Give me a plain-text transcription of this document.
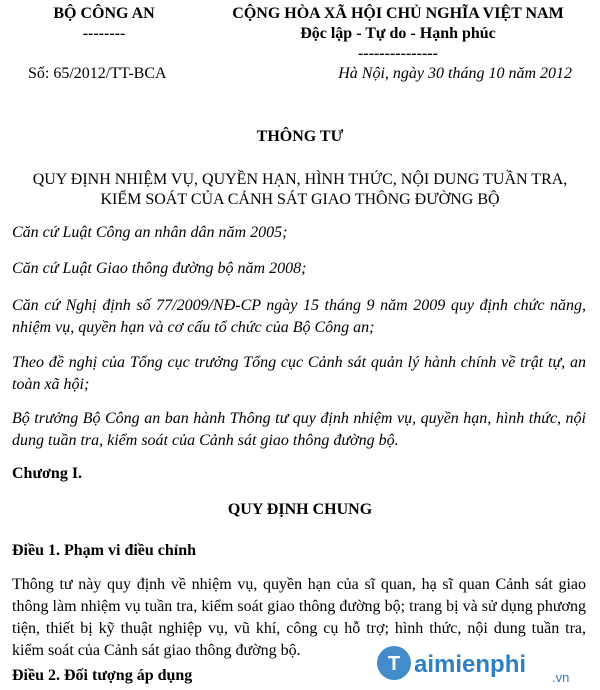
BỘ CÔNG AN
--------
CỘNG HÒA XÃ HỘI CHỦ NGHĨA VIỆT NAM
Độc lập - Tự do - Hạnh phúc
---------------
Số: 65/2012/TT-BCA	Hà Nội, ngày 30 tháng 10 năm 2012
THÔNG TƯ
QUY ĐỊNH NHIỆM VỤ, QUYỀN HẠN, HÌNH THỨC, NỘI DUNG TUẦN TRA,
KIỂM SOÁT CỦA CẢNH SÁT GIAO THÔNG ĐƯỜNG BỘ
Căn cứ Luật Công an nhân dân năm 2005;
Căn cứ Luật Giao thông đường bộ năm 2008;
Căn cứ Nghị định số 77/2009/NĐ-CP ngày 15 tháng 9 năm 2009 quy định chức năng, nhiệm vụ, quyền hạn và cơ cấu tổ chức của Bộ Công an;
Theo đề nghị của Tổng cục trưởng Tổng cục Cảnh sát quản lý hành chính về trật tự, an toàn xã hội;
Bộ trưởng Bộ Công an ban hành Thông tư quy định nhiệm vụ, quyền hạn, hình thức, nội dung tuần tra, kiểm soát của Cảnh sát giao thông đường bộ.
Chương I.
QUY ĐỊNH CHUNG
Điều 1. Phạm vi điều chỉnh
Thông tư này quy định về nhiệm vụ, quyền hạn của sĩ quan, hạ sĩ quan Cảnh sát giao thông làm nhiệm vụ tuần tra, kiểm soát giao thông đường bộ; trang bị và sử dụng phương tiện, thiết bị kỹ thuật nghiệp vụ, vũ khí, công cụ hỗ trợ; hình thức, nội dung tuần tra, kiểm soát của Cảnh sát giao thông đường bộ.
Điều 2. Đối tượng áp dụng
T aimienphi .vn
